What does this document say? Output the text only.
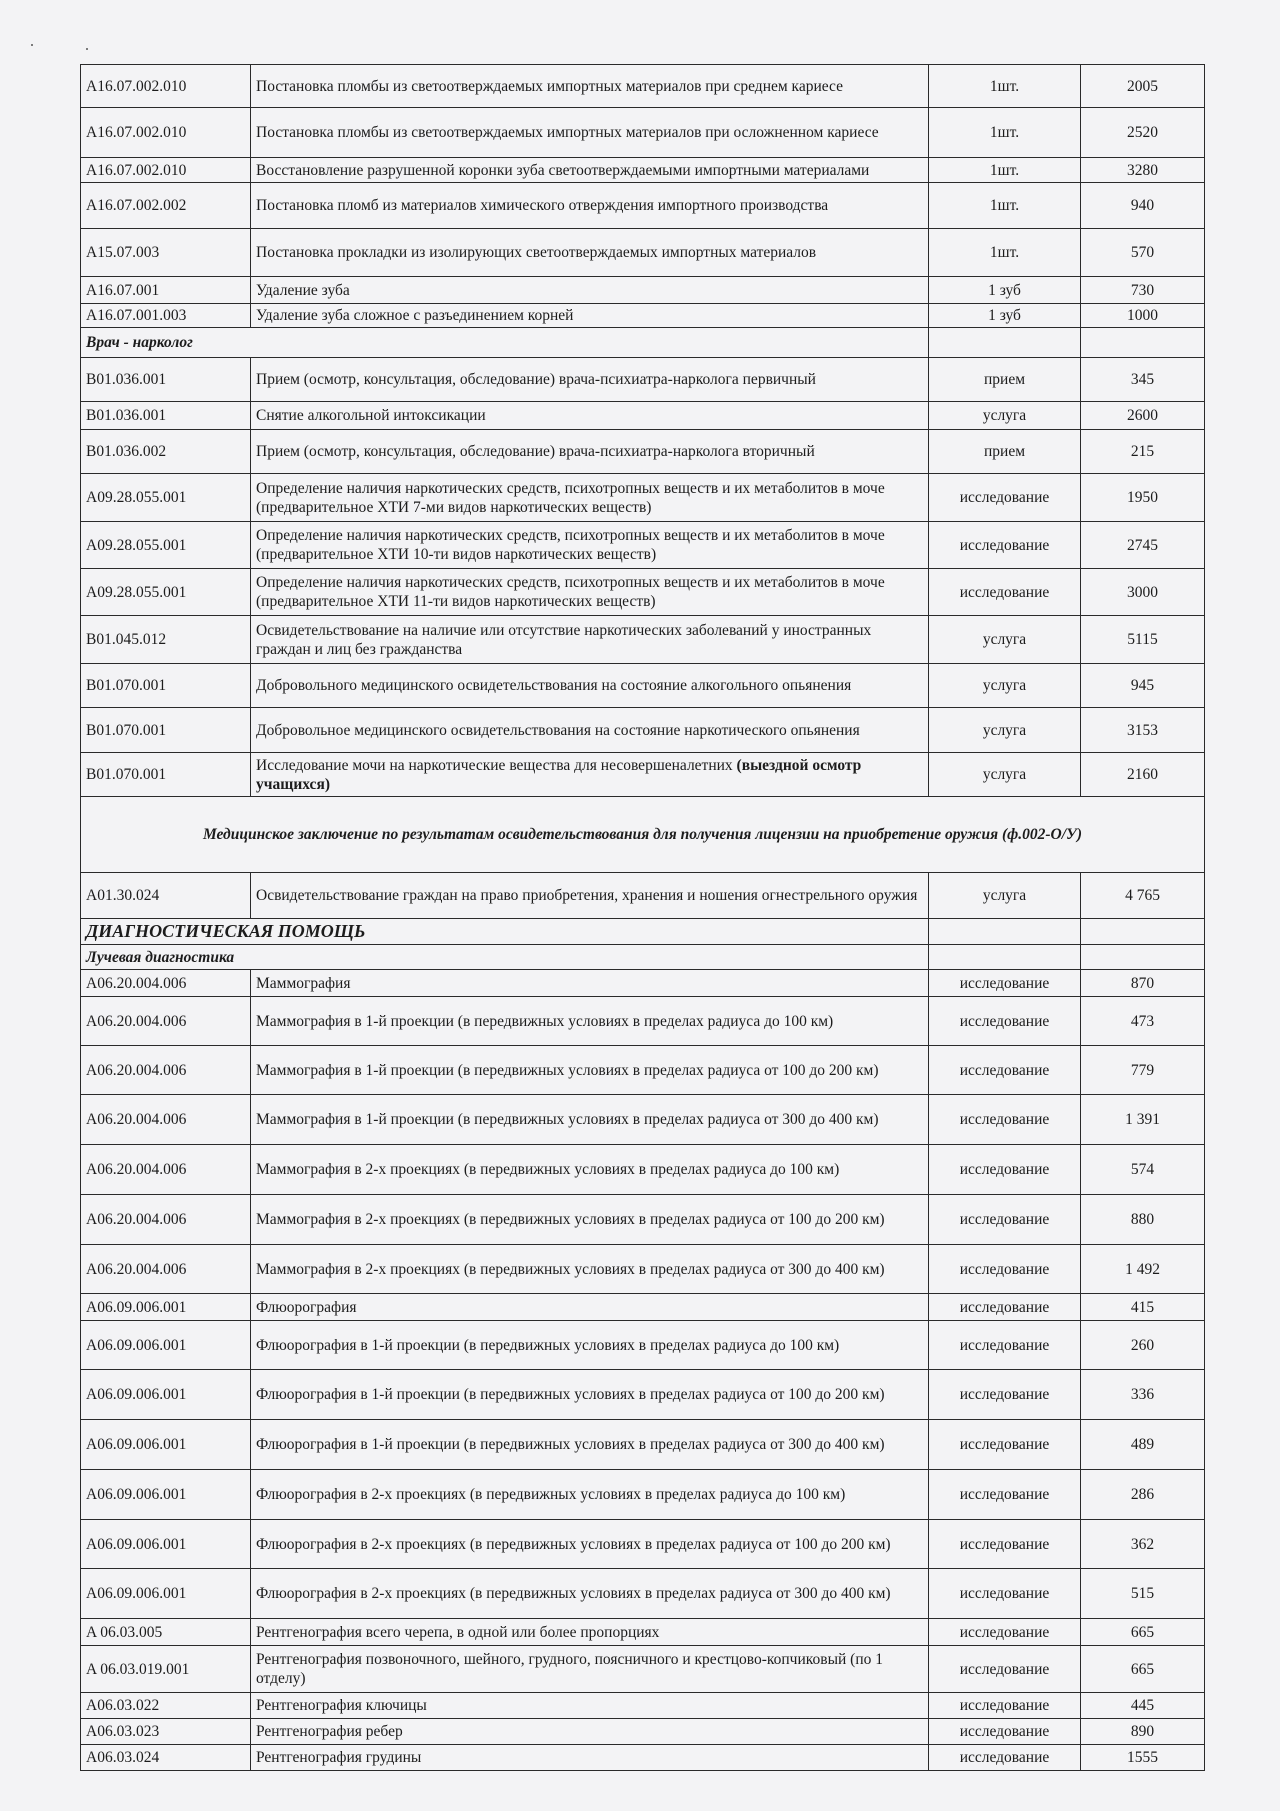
A16.07.002.010	Постановка пломбы из светоотверждаемых импортных материалов при среднем кариесе	1шт.	2005
A16.07.002.010	Постановка пломбы из светоотверждаемых импортных материалов при осложненном кариесе	1шт.	2520
A16.07.002.010	Восстановление разрушенной коронки зуба светоотверждаемыми импортными материалами	1шт.	3280
A16.07.002.002	Постановка пломб из материалов химического отверждения импортного производства	1шт.	940
A15.07.003	Постановка прокладки из изолирующих светоотверждаемых импортных материалов	1шт.	570
A16.07.001	Удаление зуба	1 зуб	730
A16.07.001.003	Удаление зуба сложное с разъединением корней	1 зуб	1000
Врач - нарколог			
B01.036.001	Прием (осмотр, консультация, обследование) врача-психиатра-нарколога первичный	прием	345
B01.036.001	Снятие алкогольной интоксикации	услуга	2600
B01.036.002	Прием (осмотр, консультация, обследование) врача-психиатра-нарколога вторичный	прием	215
A09.28.055.001	Определение наличия наркотических средств, психотропных веществ и их метаболитов в моче (предварительное ХТИ 7-ми видов наркотических веществ)	исследование	1950
A09.28.055.001	Определение наличия наркотических средств, психотропных веществ и их метаболитов в моче (предварительное ХТИ 10-ти видов наркотических веществ)	исследование	2745
A09.28.055.001	Определение наличия наркотических средств, психотропных веществ и их метаболитов в моче (предварительное ХТИ 11-ти видов наркотических веществ)	исследование	3000
B01.045.012	Освидетельствование на наличие или отсутствие наркотических заболеваний у иностранных граждан и лиц без гражданства	услуга	5115
B01.070.001	Добровольного медицинского освидетельствования на состояние алкогольного опьянения	услуга	945
B01.070.001	Добровольное медицинского освидетельствования на состояние наркотического опьянения	услуга	3153
B01.070.001	Исследование мочи на наркотические вещества для несовершеналетних (выездной осмотр учащихся)	услуга	2160
Медицинское заключение по результатам освидетельствования для получения лицензии на приобретение оружия (ф.002-О/У)			
A01.30.024	Освидетельствование граждан на право приобретения, хранения и ношения огнестрельного оружия	услуга	4 765
ДИАГНОСТИЧЕСКАЯ ПОМОЩЬ			
Лучевая диагностика			
A06.20.004.006	Маммография	исследование	870
A06.20.004.006	Маммография в 1-й проекции (в передвижных условиях в пределах радиуса до 100 км)	исследование	473
A06.20.004.006	Маммография в 1-й проекции (в передвижных условиях в пределах радиуса от 100 до 200 км)	исследование	779
A06.20.004.006	Маммография в 1-й проекции (в передвижных условиях в пределах радиуса от 300 до 400 км)	исследование	1 391
A06.20.004.006	Маммография в 2-х проекциях (в передвижных условиях в пределах радиуса до 100 км)	исследование	574
A06.20.004.006	Маммография в 2-х проекциях (в передвижных условиях в пределах радиуса от 100 до 200 км)	исследование	880
A06.20.004.006	Маммография в 2-х проекциях (в передвижных условиях в пределах радиуса от 300 до 400 км)	исследование	1 492
A06.09.006.001	Флюорография	исследование	415
A06.09.006.001	Флюорография в 1-й проекции (в передвижных условиях в пределах радиуса до 100 км)	исследование	260
A06.09.006.001	Флюорография в 1-й проекции (в передвижных условиях в пределах радиуса от 100 до 200 км)	исследование	336
A06.09.006.001	Флюорография в 1-й проекции (в передвижных условиях в пределах радиуса от 300 до 400 км)	исследование	489
A06.09.006.001	Флюорография в 2-х проекциях (в передвижных условиях в пределах радиуса до 100 км)	исследование	286
A06.09.006.001	Флюорография в 2-х проекциях (в передвижных условиях в пределах радиуса от 100 до 200 км)	исследование	362
A06.09.006.001	Флюорография в 2-х проекциях (в передвижных условиях в пределах радиуса от 300 до 400 км)	исследование	515
A 06.03.005	Рентгенография всего черепа, в одной или более пропорциях	исследование	665
A 06.03.019.001	Рентгенография позвоночного, шейного, грудного, поясничного и крестцово-копчиковый (по 1 отделу)	исследование	665
A06.03.022	Рентгенография ключицы	исследование	445
A06.03.023	Рентгенография ребер	исследование	890
A06.03.024	Рентгенография грудины	исследование	1555
